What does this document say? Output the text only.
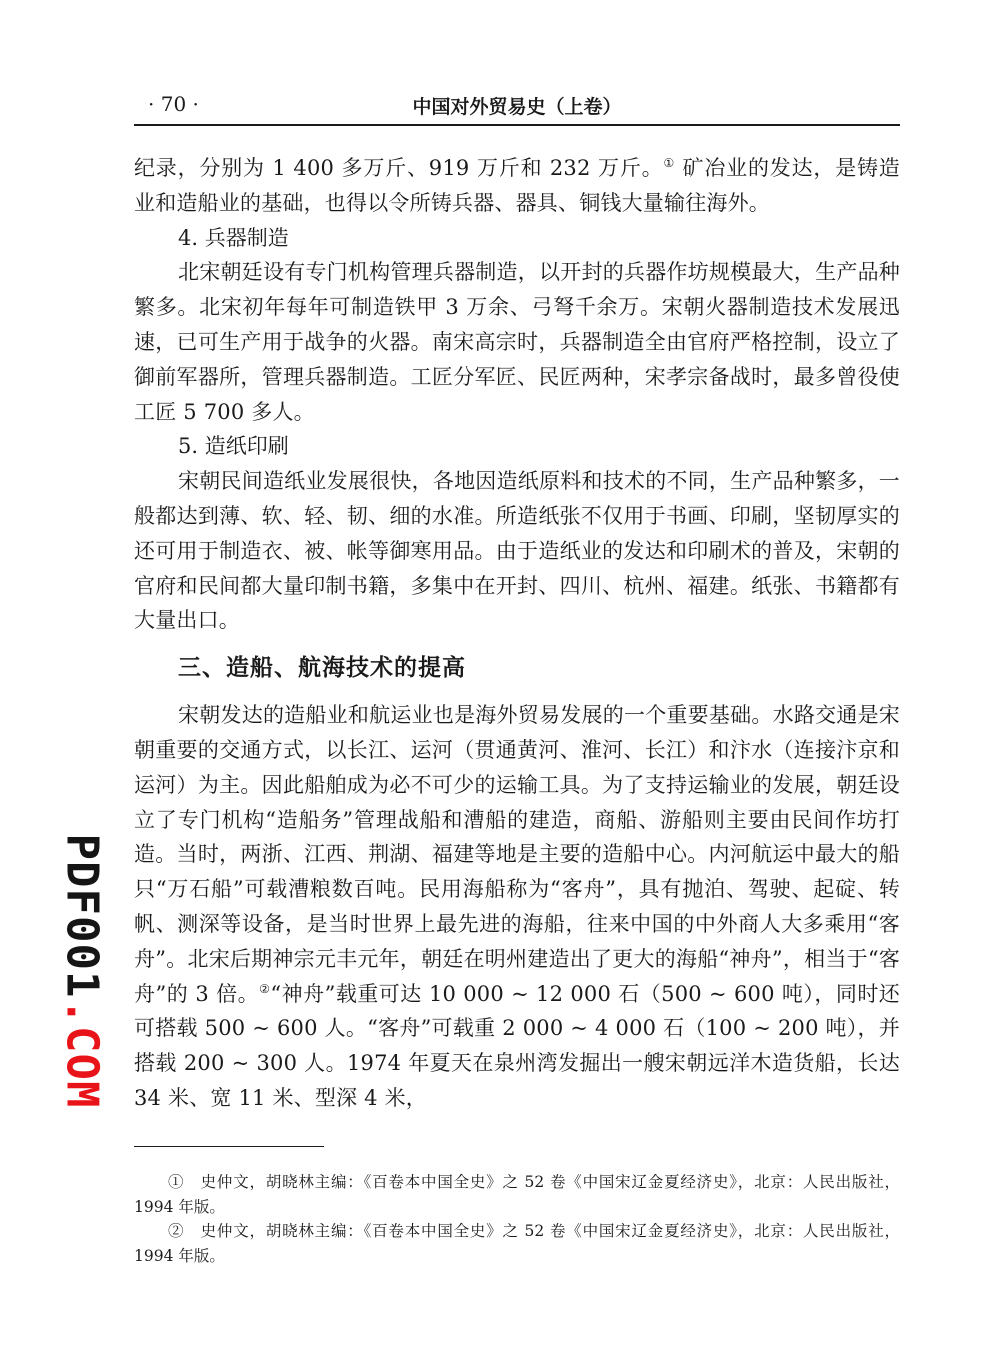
· 70 ·	中国对外贸易史（上卷）

纪录，分别为 1 400 多万斤、919 万斤和 232 万斤。① 矿冶业的发达，是铸造业和造船业的基础，也得以令所铸兵器、器具、铜钱大量输往海外。

4. 兵器制造

北宋朝廷设有专门机构管理兵器制造，以开封的兵器作坊规模最大，生产品种繁多。北宋初年每年可制造铁甲 3 万余、弓弩千余万。宋朝火器制造技术发展迅速，已可生产用于战争的火器。南宋高宗时，兵器制造全由官府严格控制，设立了御前军器所，管理兵器制造。工匠分军匠、民匠两种，宋孝宗备战时，最多曾役使工匠 5 700 多人。

5. 造纸印刷

宋朝民间造纸业发展很快，各地因造纸原料和技术的不同，生产品种繁多，一般都达到薄、软、轻、韧、细的水准。所造纸张不仅用于书画、印刷，坚韧厚实的还可用于制造衣、被、帐等御寒用品。由于造纸业的发达和印刷术的普及，宋朝的官府和民间都大量印制书籍，多集中在开封、四川、杭州、福建。纸张、书籍都有大量出口。

三、造船、航海技术的提高

宋朝发达的造船业和航运业也是海外贸易发展的一个重要基础。水路交通是宋朝重要的交通方式，以长江、运河（贯通黄河、淮河、长江）和汴水（连接汴京和运河）为主。因此船舶成为必不可少的运输工具。为了支持运输业的发展，朝廷设立了专门机构“造船务”管理战船和漕船的建造，商船、游船则主要由民间作坊打造。当时，两浙、江西、荆湖、福建等地是主要的造船中心。内河航运中最大的船只“万石船”可载漕粮数百吨。民用海船称为“客舟”，具有抛泊、驾驶、起碇、转帆、测深等设备，是当时世界上最先进的海船，往来中国的中外商人大多乘用“客舟”。北宋后期神宗元丰元年，朝廷在明州建造出了更大的海船“神舟”，相当于“客舟”的 3 倍。②“神舟”载重可达 10 000 ~ 12 000 石（500 ~ 600 吨），同时还可搭载 500 ~ 600 人。“客舟”可载重 2 000 ~ 4 000 石（100 ~ 200 吨），并搭载 200 ~ 300 人。1974 年夏天在泉州湾发掘出一艘宋朝远洋木造货船，长达 34 米、宽 11 米、型深 4 米，

①　史仲文，胡晓林主编：《百卷本中国全史》之 52 卷《中国宋辽金夏经济史》，北京：人民出版社，1994 年版。

②　史仲文，胡晓林主编：《百卷本中国全史》之 52 卷《中国宋辽金夏经济史》，北京：人民出版社，1994 年版。

PDF001.COM
